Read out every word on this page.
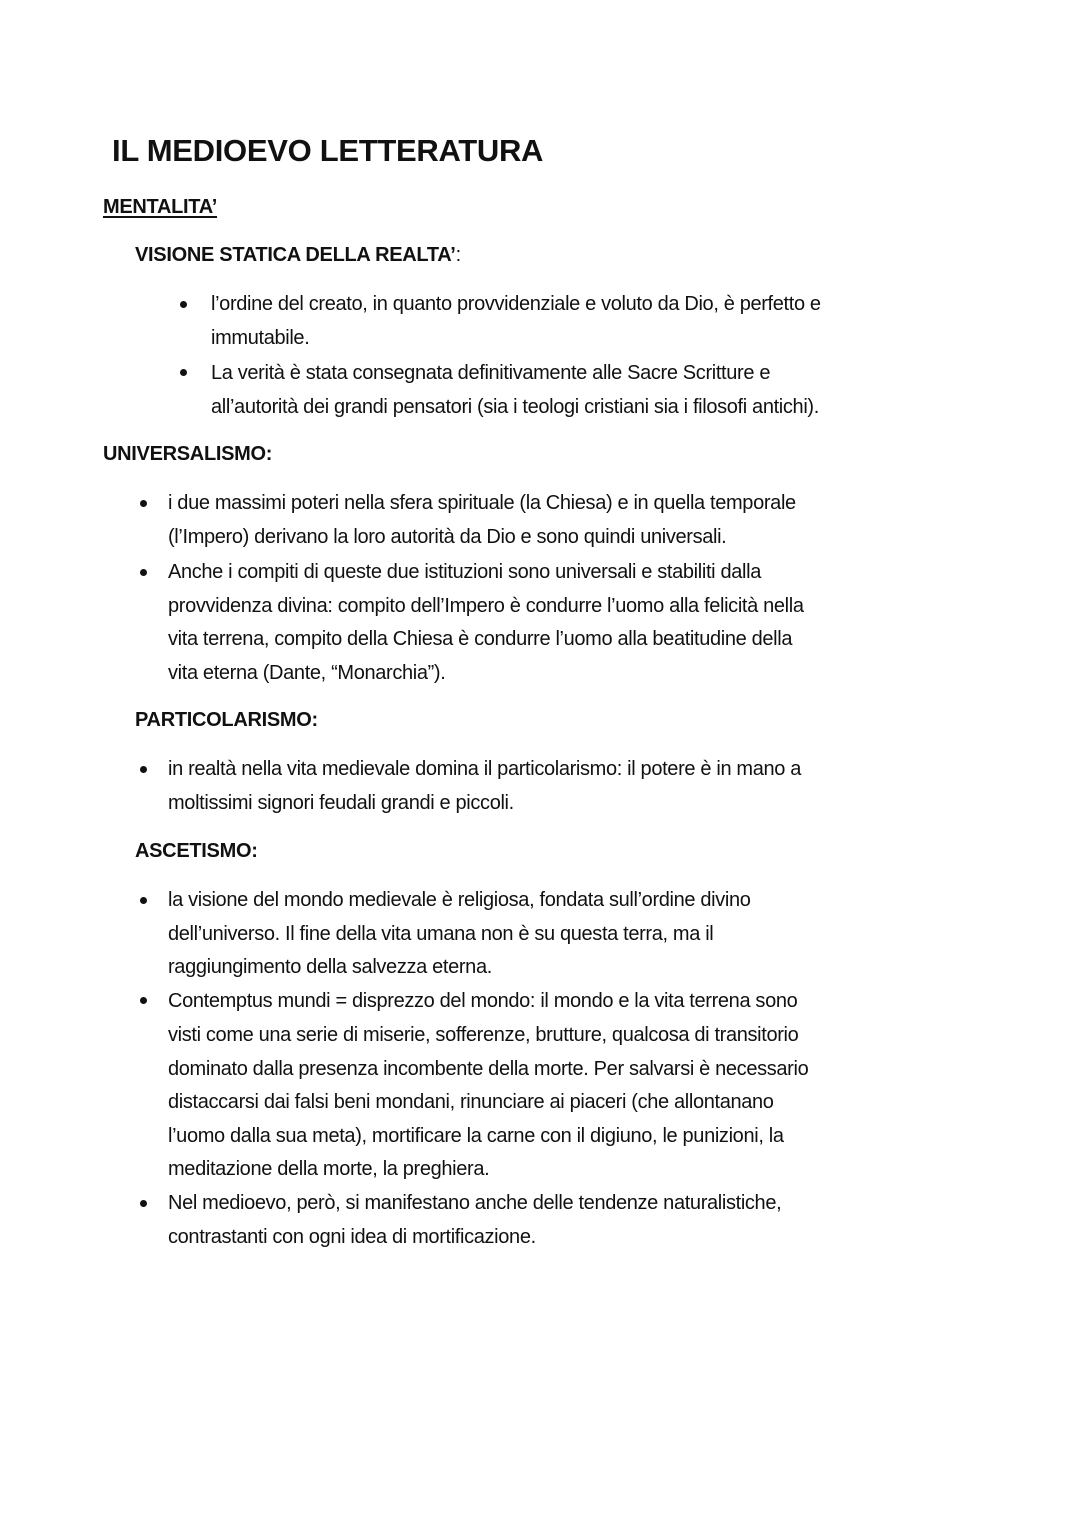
IL MEDIOEVO LETTERATURA
MENTALITA’
VISIONE STATICA DELLA REALTA’:
l’ordine del creato, in quanto provvidenziale e voluto da Dio, è perfetto e
immutabile.
La verità è stata consegnata definitivamente alle Sacre Scritture e
all’autorità dei grandi pensatori (sia i teologi cristiani sia i filosofi antichi).
UNIVERSALISMO:
i due massimi poteri nella sfera spirituale (la Chiesa) e in quella temporale
(l’Impero) derivano la loro autorità da Dio e sono quindi universali.
Anche i compiti di queste due istituzioni sono universali e stabiliti dalla
provvidenza divina: compito dell’Impero è condurre l’uomo alla felicità nella
vita terrena, compito della Chiesa è condurre l’uomo alla beatitudine della
vita eterna (Dante, “Monarchia”).
PARTICOLARISMO:
in realtà nella vita medievale domina il particolarismo: il potere è in mano a
moltissimi signori feudali grandi e piccoli.
ASCETISMO:
la visione del mondo medievale è religiosa, fondata sull’ordine divino
dell’universo. Il fine della vita umana non è su questa terra, ma il
raggiungimento della salvezza eterna.
Contemptus mundi = disprezzo del mondo: il mondo e la vita terrena sono
visti come una serie di miserie, sofferenze, brutture, qualcosa di transitorio
dominato dalla presenza incombente della morte. Per salvarsi è necessario
distaccarsi dai falsi beni mondani, rinunciare ai piaceri (che allontanano
l’uomo dalla sua meta), mortificare la carne con il digiuno, le punizioni, la
meditazione della morte, la preghiera.
Nel medioevo, però, si manifestano anche delle tendenze naturalistiche,
contrastanti con ogni idea di mortificazione.
